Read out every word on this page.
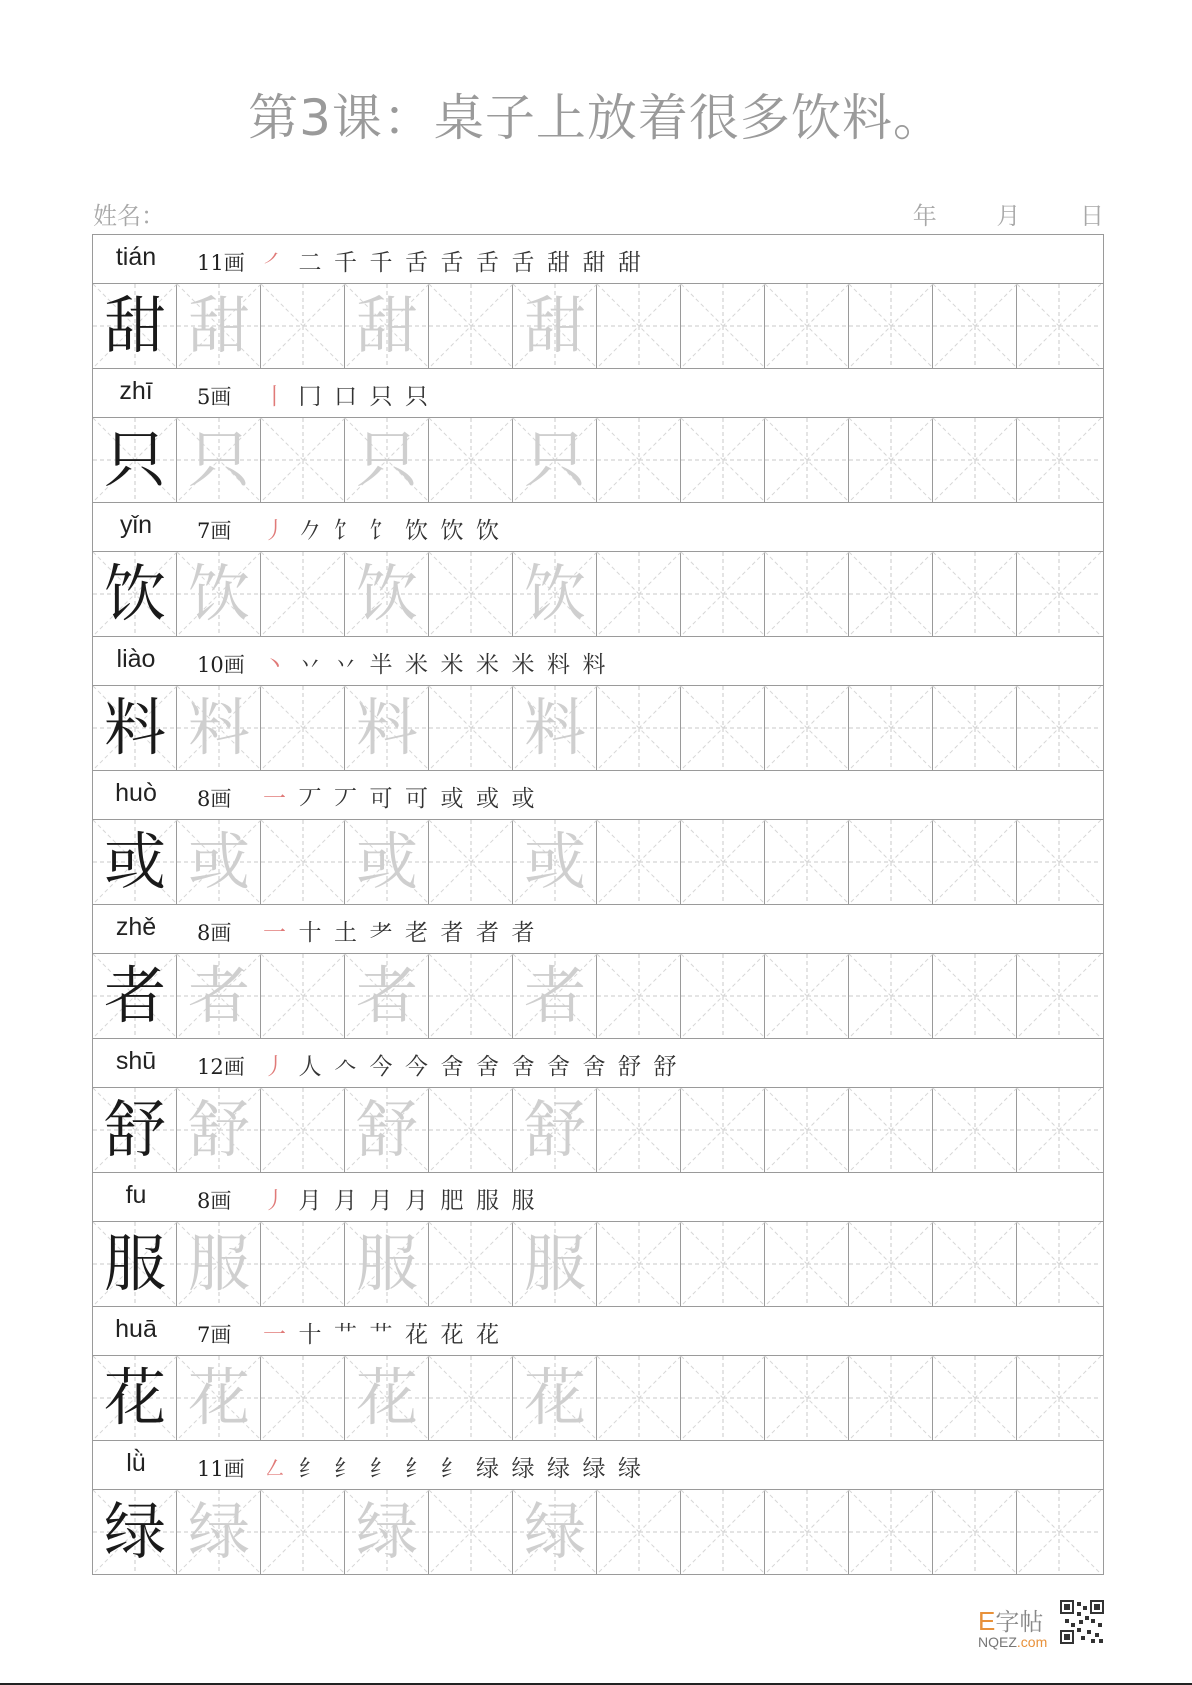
第3课：桌子上放着很多饮料。
姓名：	年 月 日
tián	11画 ㇒ 二 千 千 舌 舌 舌 舌 甜 甜 甜
甜 甜 甜 甜
zhī	5画 丨 冂 口 只 只
只 只 只 只
yǐn	7画 丿 𠂊 饣 饣 饮 饮 饮
饮 饮 饮 饮
liào	10画 丶 丷 丷 半 米 米 米 米 料 料
料 料 料 料
huò	8画 一 丆 丆 可 可 或 或 或
或 或 或 或
zhě	8画 一 十 土 耂 老 者 者 者
者 者 者 者
shū	12画 丿 人 𠆢 今 今 舍 舍 舍 舍 舍 舒 舒
舒 舒 舒 舒
fu	8画 丿 月 月 月 月 肥 服 服
服 服 服 服
huā	7画 一 十 艹 艹 花 花 花
花 花 花 花
lǜ	11画 ㇜ 纟 纟 纟 纟 纟 绿 绿 绿 绿 绿
绿 绿 绿 绿
E字帖
NQEZ.com
